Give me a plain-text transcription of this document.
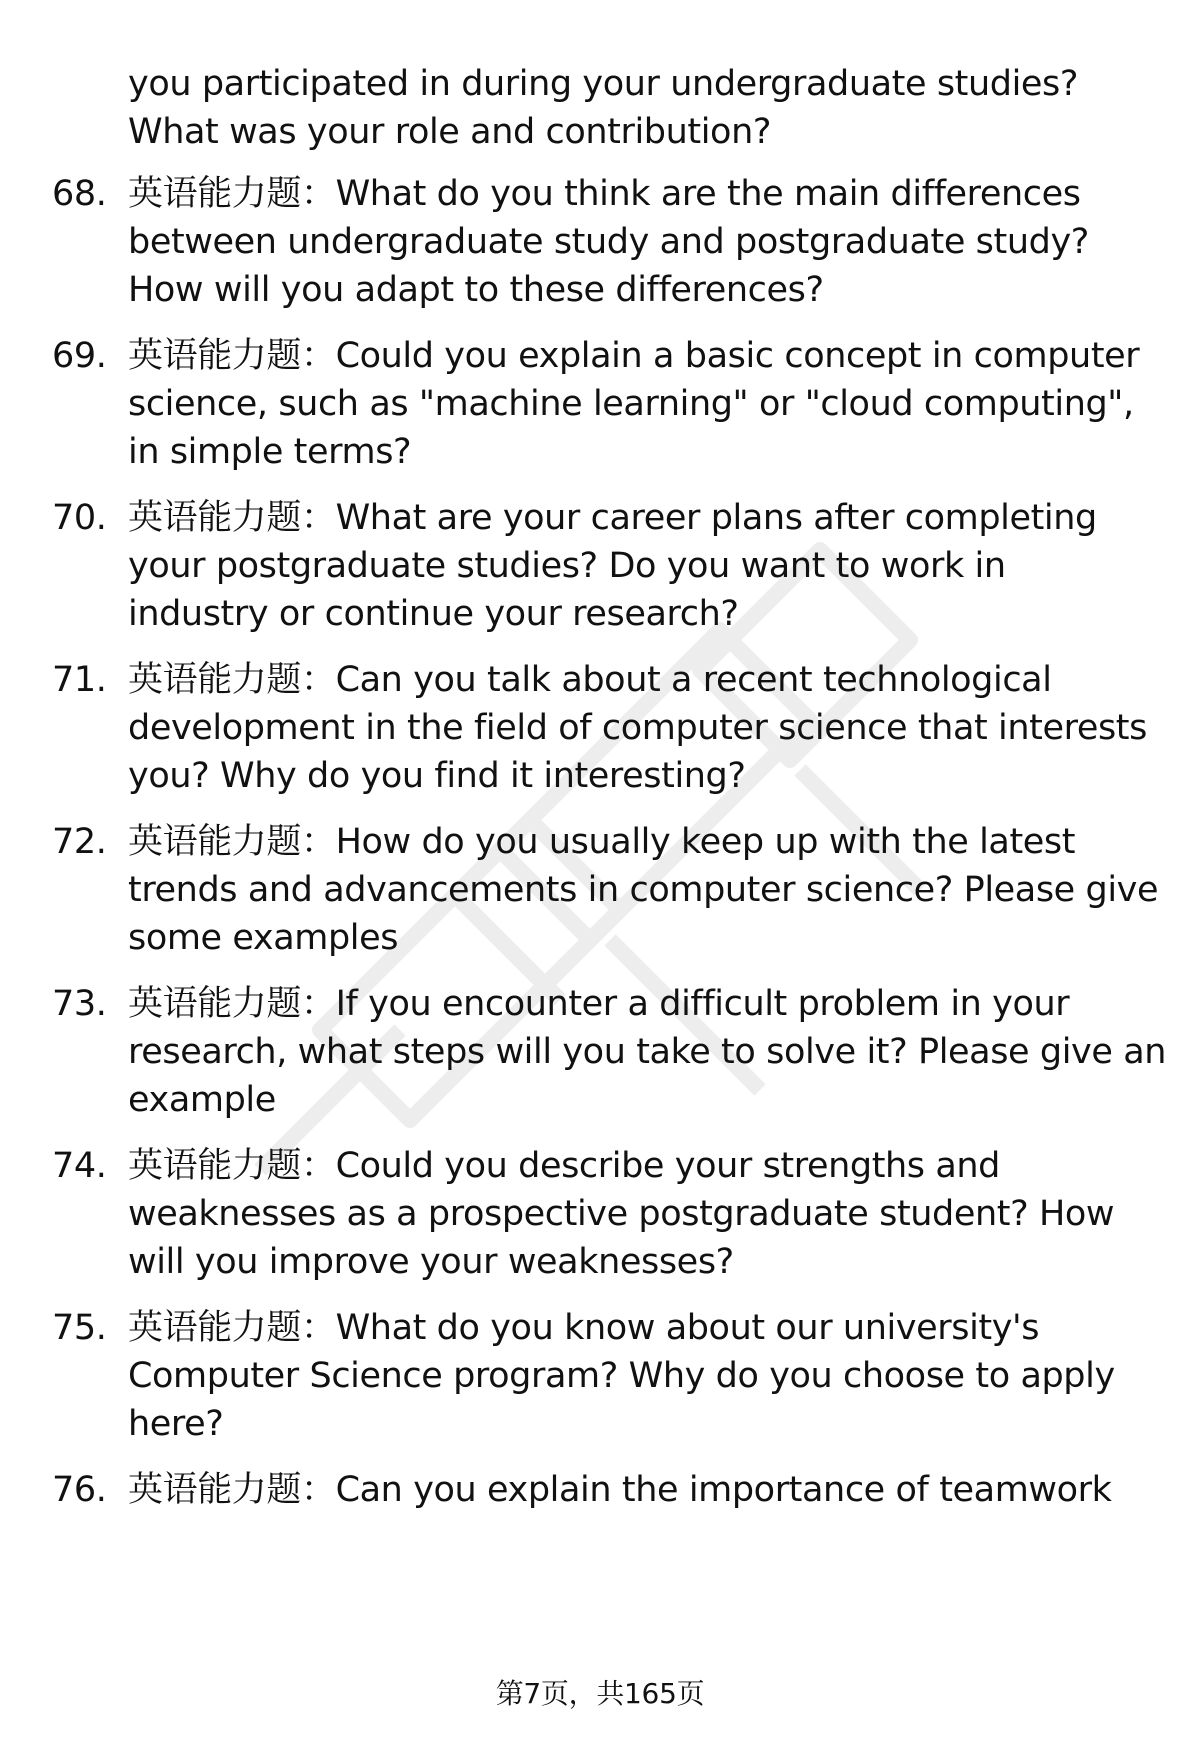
you participated in during your undergraduate studies?
What was your role and contribution?
68. 英语能力题：What do you think are the main differences
between undergraduate study and postgraduate study?
How will you adapt to these differences?
69. 英语能力题：Could you explain a basic concept in computer
science, such as "machine learning" or "cloud computing",
in simple terms?
70. 英语能力题：What are your career plans after completing
your postgraduate studies? Do you want to work in
industry or continue your research?
71. 英语能力题：Can you talk about a recent technological
development in the field of computer science that interests
you? Why do you find it interesting?
72. 英语能力题：How do you usually keep up with the latest
trends and advancements in computer science? Please give
some examples
73. 英语能力题：If you encounter a difficult problem in your
research, what steps will you take to solve it? Please give an
example
74. 英语能力题：Could you describe your strengths and
weaknesses as a prospective postgraduate student? How
will you improve your weaknesses?
75. 英语能力题：What do you know about our university's
Computer Science program? Why do you choose to apply
here?
76. 英语能力题：Can you explain the importance of teamwork
第7页，共165页
